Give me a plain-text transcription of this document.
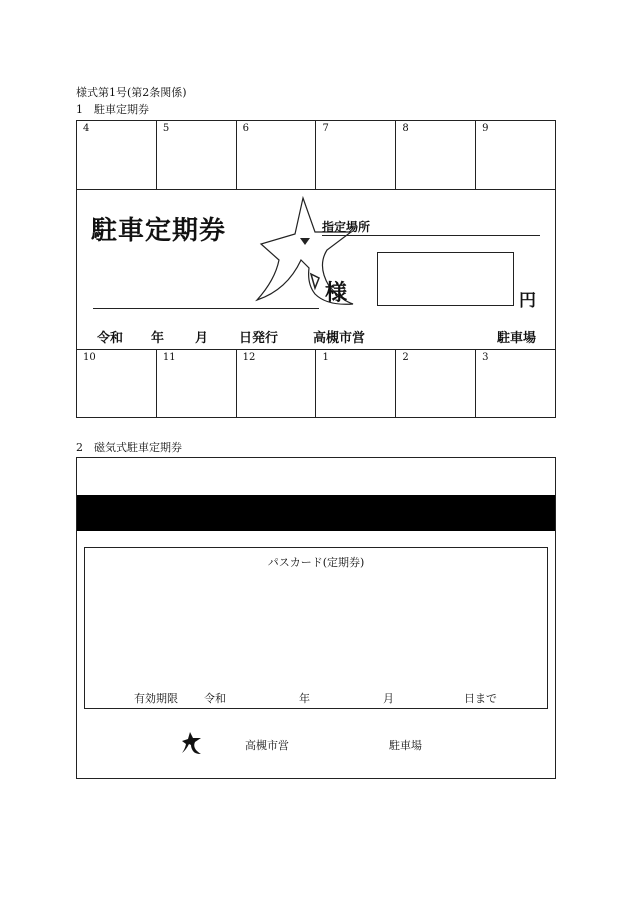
様式第1号(第2条関係)
1　駐車定期券
4	5	6	7	8	9
駐車定期券	指定場所
様	円
令和 年 月 日発行	高槻市営	駐車場
10	11	12	1	2	3
2　磁気式駐車定期券
パスカード(定期券)
有効期限 令和	年	月	日まで
高槻市営	駐車場
